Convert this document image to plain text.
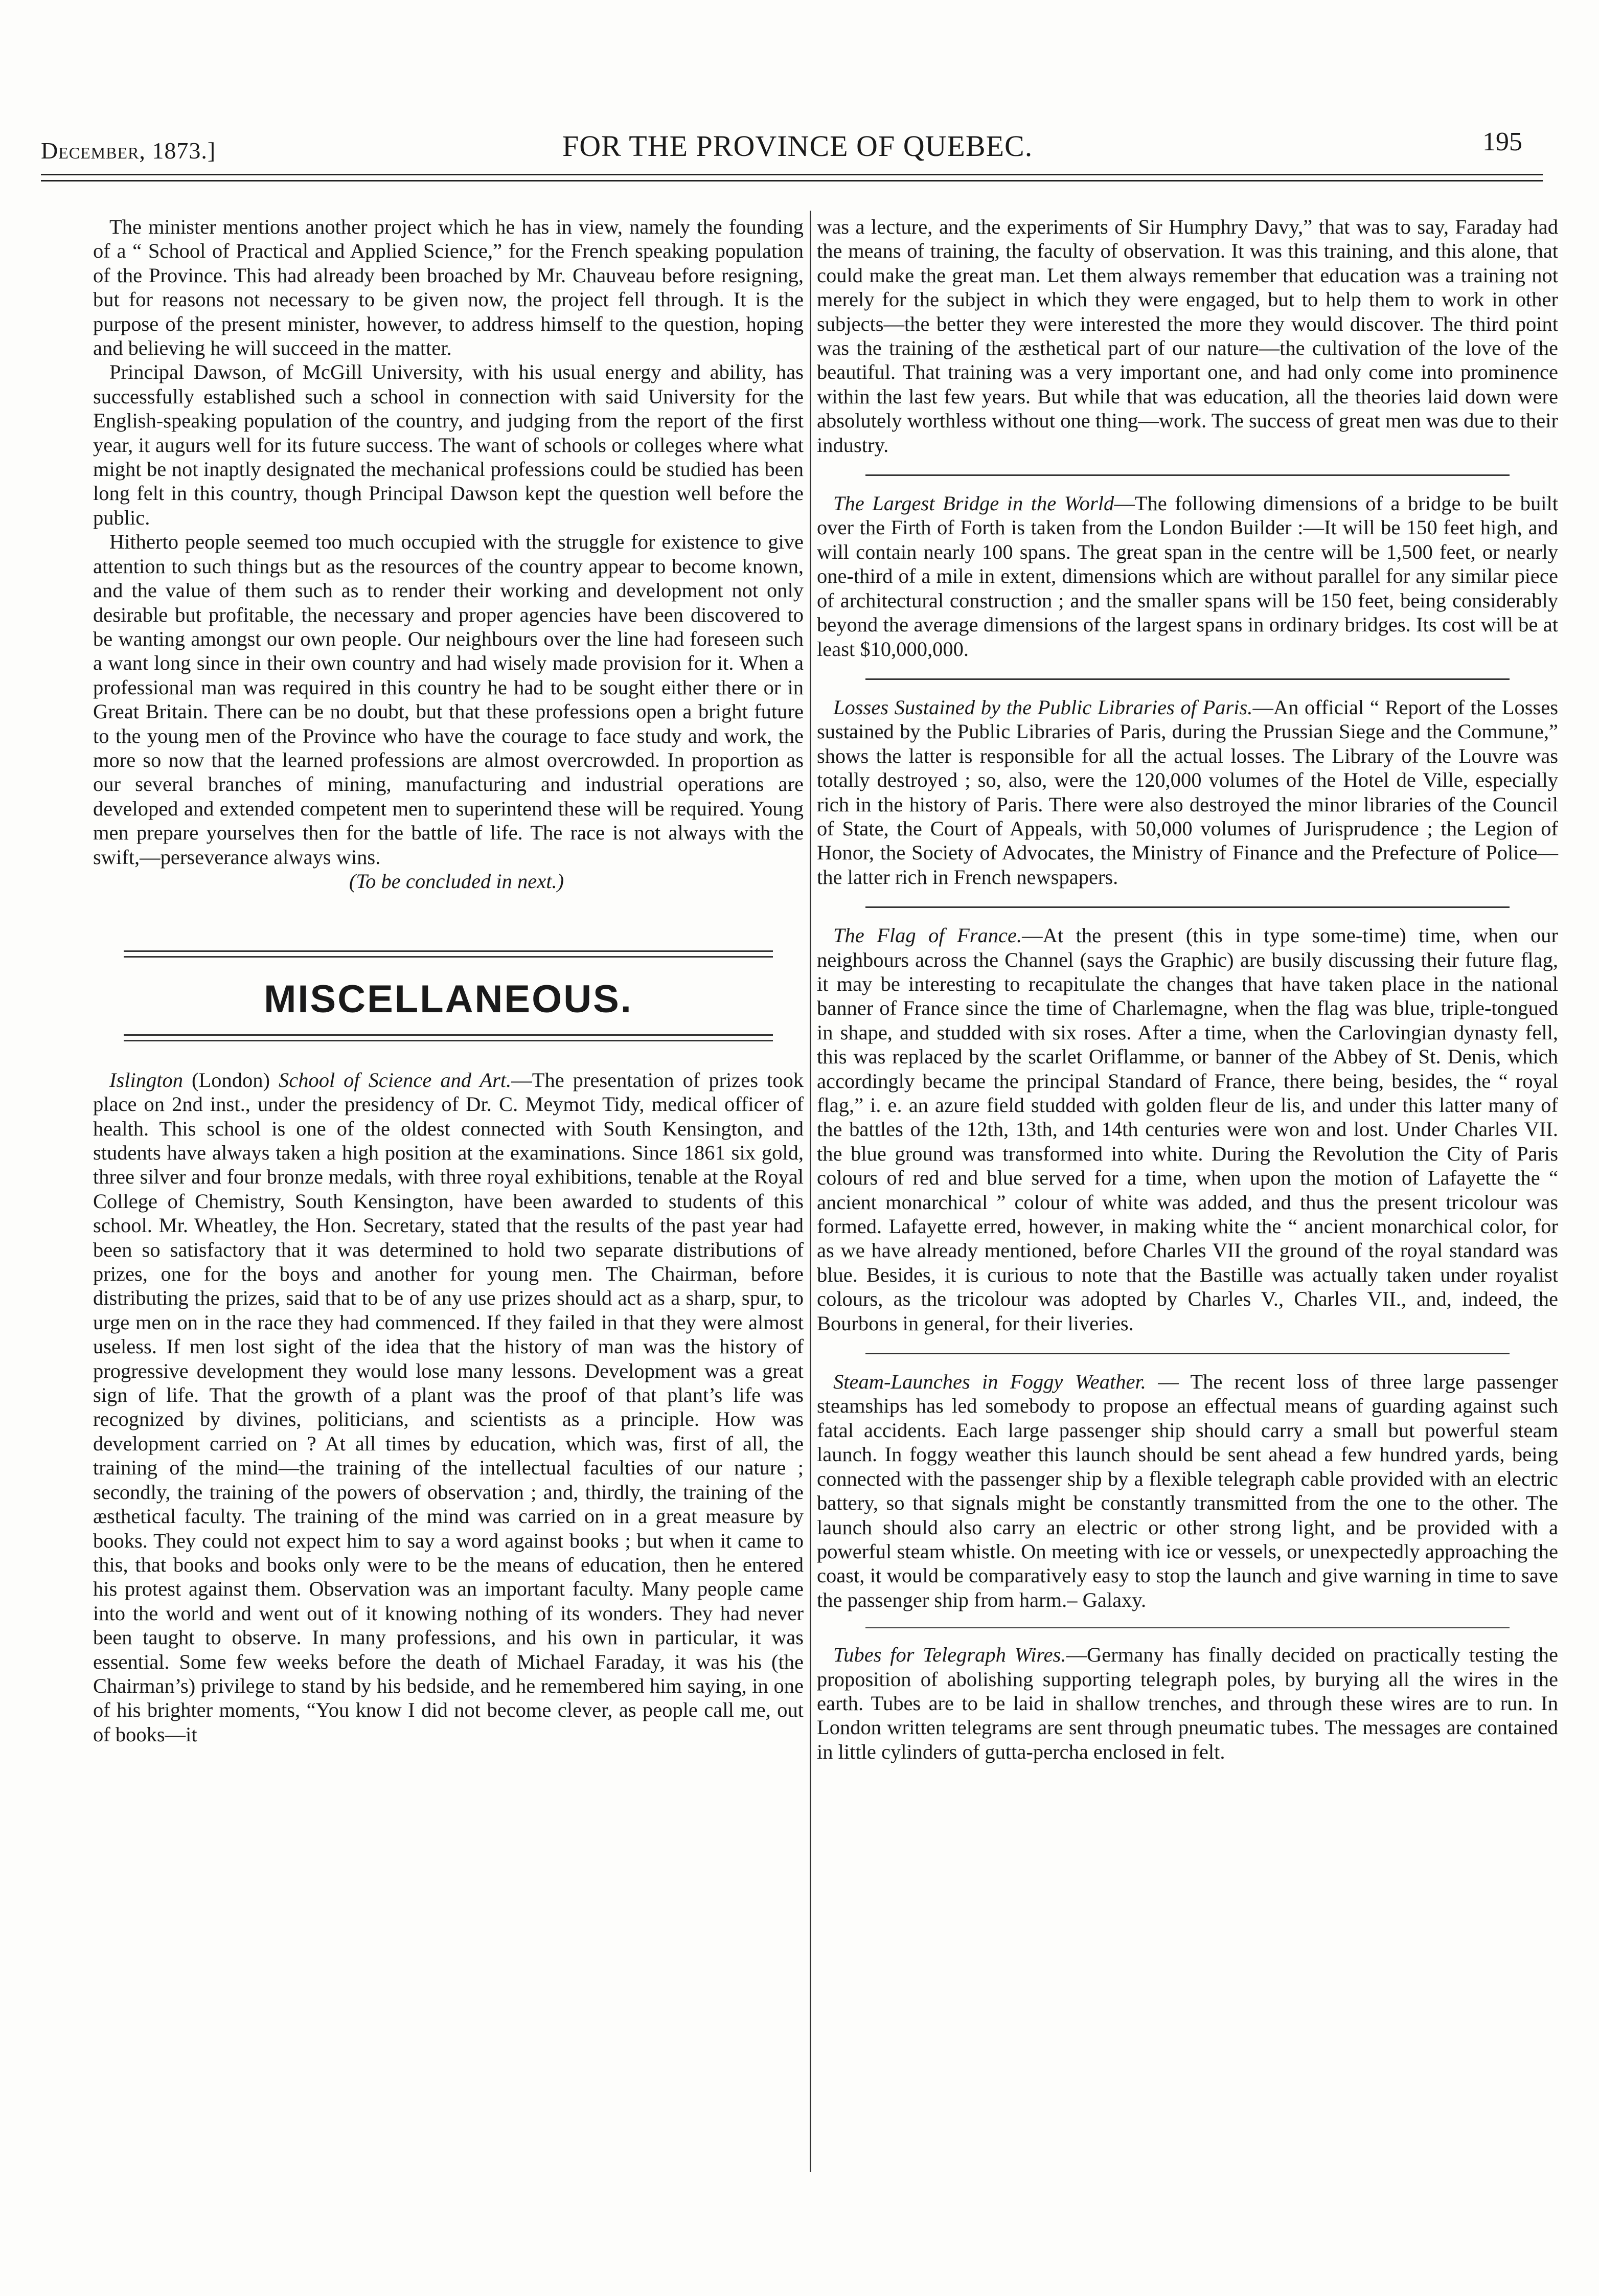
December, 1873.]	FOR THE PROVINCE OF QUEBEC.	195

The minister mentions another project which he has in view, namely the founding of a “ School of Practical and Applied Science,” for the French speaking population of the Province. This had already been broached by Mr. Chauveau before resigning, but for reasons not necessary to be given now, the project fell through. It is the purpose of the present minister, however, to address himself to the question, hoping and believing he will succeed in the matter.

Principal Dawson, of McGill University, with his usual energy and ability, has successfully established such a school in connection with said University for the English-speaking population of the country, and judging from the report of the first year, it augurs well for its future success. The want of schools or colleges where what might be not inaptly designated the mechanical professions could be studied has been long felt in this country, though Principal Dawson kept the question well before the public.

Hitherto people seemed too much occupied with the struggle for existence to give attention to such things but as the resources of the country appear to become known, and the value of them such as to render their working and development not only desirable but profitable, the necessary and proper agencies have been discovered to be wanting amongst our own people. Our neighbours over the line had foreseen such a want long since in their own country and had wisely made provision for it. When a professional man was required in this country he had to be sought either there or in Great Britain. There can be no doubt, but that these professions open a bright future to the young men of the Province who have the courage to face study and work, the more so now that the learned professions are almost overcrowded. In proportion as our several branches of mining, manufacturing and industrial operations are developed and extended competent men to superintend these will be required. Young men prepare yourselves then for the battle of life. The race is not always with the swift,—perseverance always wins.

(To be concluded in next.)

MISCELLANEOUS.

Islington (London) School of Science and Art.—The presentation of prizes took place on 2nd inst., under the presidency of Dr. C. Meymot Tidy, medical officer of health. This school is one of the oldest connected with South Kensington, and students have always taken a high position at the examinations. Since 1861 six gold, three silver and four bronze medals, with three royal exhibitions, tenable at the Royal College of Chemistry, South Kensington, have been awarded to students of this school. Mr. Wheatley, the Hon. Secretary, stated that the results of the past year had been so satisfactory that it was determined to hold two separate distributions of prizes, one for the boys and another for young men. The Chairman, before distributing the prizes, said that to be of any use prizes should act as a sharp, spur, to urge men on in the race they had commenced. If they failed in that they were almost useless. If men lost sight of the idea that the history of man was the history of progressive development they would lose many lessons. Development was a great sign of life. That the growth of a plant was the proof of that plant’s life was recognized by divines, politicians, and scientists as a principle. How was development carried on ? At all times by education, which was, first of all, the training of the mind—the training of the intellectual faculties of our nature ; secondly, the training of the powers of observation ; and, thirdly, the training of the æsthetical faculty. The training of the mind was carried on in a great measure by books. They could not expect him to say a word against books ; but when it came to this, that books and books only were to be the means of education, then he entered his protest against them. Observation was an important faculty. Many people came into the world and went out of it knowing nothing of its wonders. They had never been taught to observe. In many professions, and his own in particular, it was essential. Some few weeks before the death of Michael Faraday, it was his (the Chairman’s) privilege to stand by his bedside, and he remembered him saying, in one of his brighter moments, “You know I did not become clever, as people call me, out of books—it

was a lecture, and the experiments of Sir Humphry Davy,” that was to say, Faraday had the means of training, the faculty of observation. It was this training, and this alone, that could make the great man. Let them always remember that education was a training not merely for the subject in which they were engaged, but to help them to work in other subjects—the better they were interested the more they would discover. The third point was the training of the æsthetical part of our nature—the cultivation of the love of the beautiful. That training was a very important one, and had only come into prominence within the last few years. But while that was education, all the theories laid down were absolutely worthless without one thing—work. The success of great men was due to their industry.

The Largest Bridge in the World—The following dimensions of a bridge to be built over the Firth of Forth is taken from the London Builder :—It will be 150 feet high, and will contain nearly 100 spans. The great span in the centre will be 1,500 feet, or nearly one-third of a mile in extent, dimensions which are without parallel for any similar piece of architectural construction ; and the smaller spans will be 150 feet, being considerably beyond the average dimensions of the largest spans in ordinary bridges. Its cost will be at least $10,000,000.

Losses Sustained by the Public Libraries of Paris.—An official “ Report of the Losses sustained by the Public Libraries of Paris, during the Prussian Siege and the Commune,” shows the latter is responsible for all the actual losses. The Library of the Louvre was totally destroyed ; so, also, were the 120,000 volumes of the Hotel de Ville, especially rich in the history of Paris. There were also destroyed the minor libraries of the Council of State, the Court of Appeals, with 50,000 volumes of Jurisprudence ; the Legion of Honor, the Society of Advocates, the Ministry of Finance and the Prefecture of Police—the latter rich in French newspapers.

The Flag of France.—At the present (this in type some-time) time, when our neighbours across the Channel (says the Graphic) are busily discussing their future flag, it may be interesting to recapitulate the changes that have taken place in the national banner of France since the time of Charlemagne, when the flag was blue, triple-tongued in shape, and studded with six roses. After a time, when the Carlovingian dynasty fell, this was replaced by the scarlet Oriflamme, or banner of the Abbey of St. Denis, which accordingly became the principal Standard of France, there being, besides, the “ royal flag,” i. e. an azure field studded with golden fleur de lis, and under this latter many of the battles of the 12th, 13th, and 14th centuries were won and lost. Under Charles VII. the blue ground was transformed into white. During the Revolution the City of Paris colours of red and blue served for a time, when upon the motion of Lafayette the “ ancient monarchical ” colour of white was added, and thus the present tricolour was formed. Lafayette erred, however, in making white the “ ancient monarchical color, for as we have already mentioned, before Charles VII the ground of the royal standard was blue. Besides, it is curious to note that the Bastille was actually taken under royalist colours, as the tricolour was adopted by Charles V., Charles VII., and, indeed, the Bourbons in general, for their liveries.

Steam-Launches in Foggy Weather. — The recent loss of three large passenger steamships has led somebody to propose an effectual means of guarding against such fatal accidents. Each large passenger ship should carry a small but powerful steam launch. In foggy weather this launch should be sent ahead a few hundred yards, being connected with the passenger ship by a flexible telegraph cable provided with an electric battery, so that signals might be constantly transmitted from the one to the other. The launch should also carry an electric or other strong light, and be provided with a powerful steam whistle. On meeting with ice or vessels, or unexpectedly approaching the coast, it would be comparatively easy to stop the launch and give warning in time to save the passenger ship from harm.– Galaxy.

Tubes for Telegraph Wires.—Germany has finally decided on practically testing the proposition of abolishing supporting telegraph poles, by burying all the wires in the earth. Tubes are to be laid in shallow trenches, and through these wires are to run. In London written telegrams are sent through pneumatic tubes. The messages are contained in little cylinders of gutta-percha enclosed in felt.
